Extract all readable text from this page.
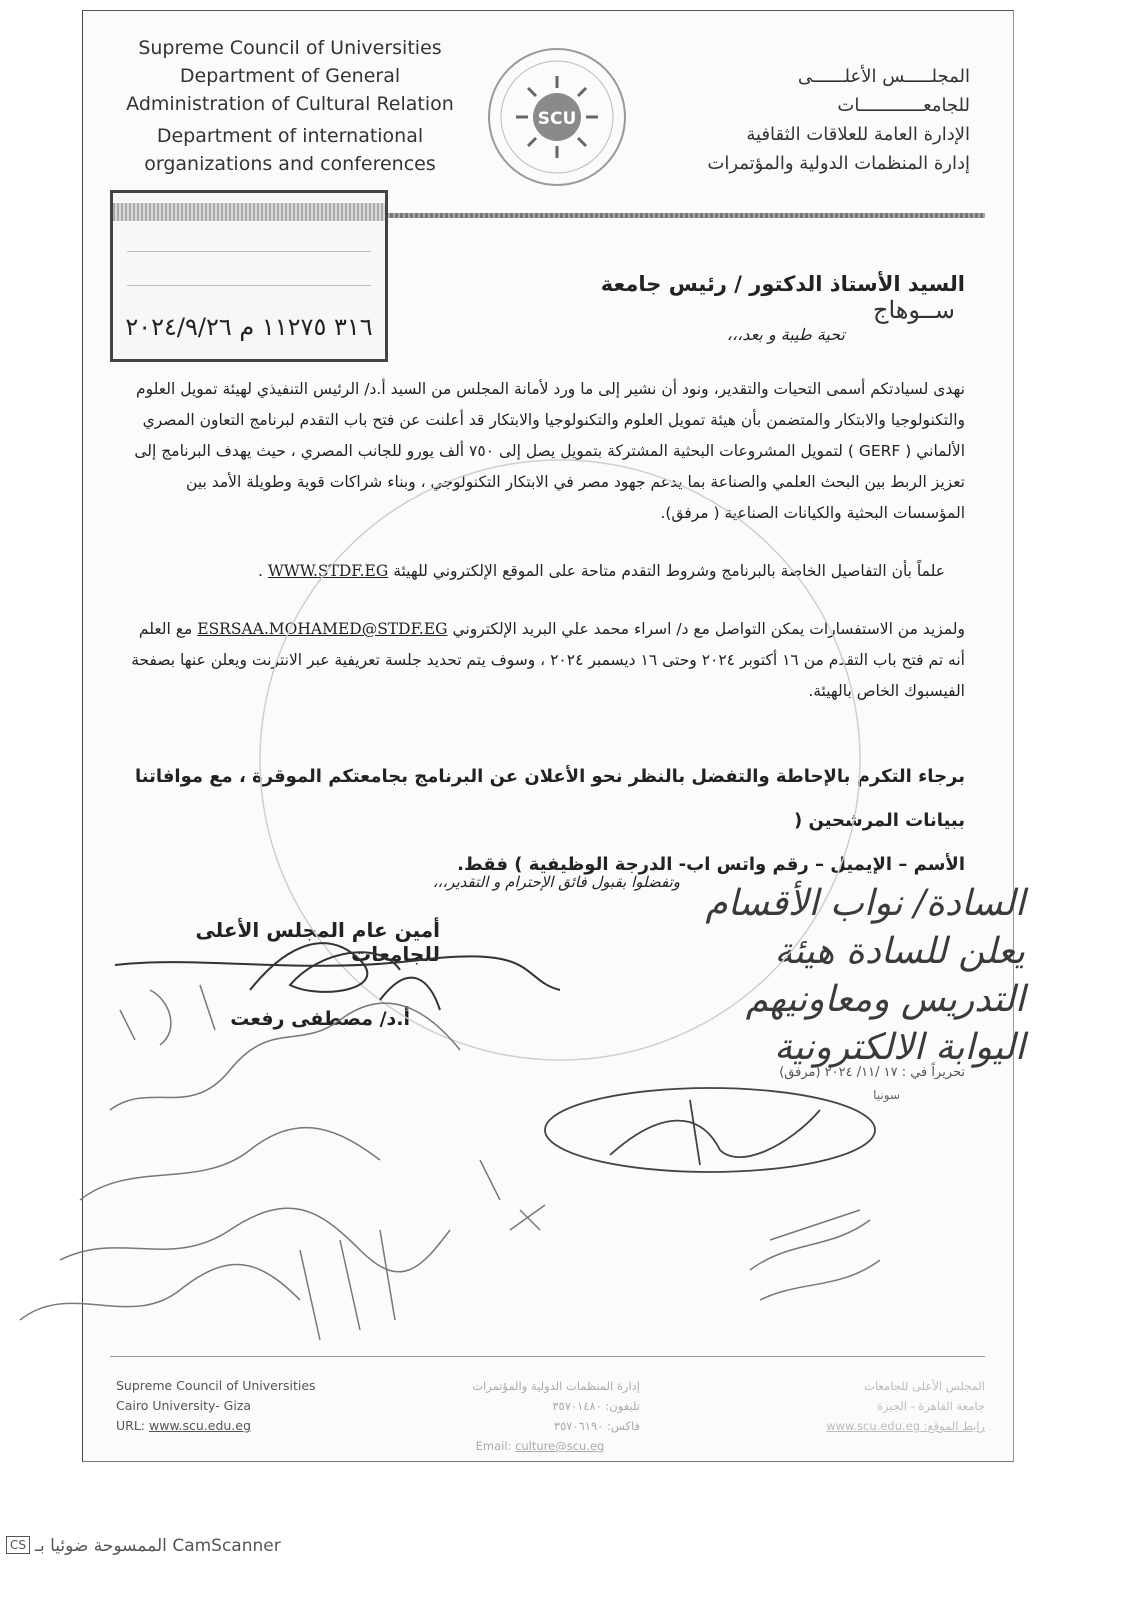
Supreme Council of Universities
Department of General
Administration of Cultural Relation
Department of international
organizations and conferences
SCU
المجلـــــس الأعلــــــى
للجامعــــــــــــات
الإدارة العامة للعلاقات الثقافية
إدارة المنظمات الدولية والمؤتمرات
٣١٦ ١١٢٧٥ م ٢٠٢٤/٩/٢٦
السيد الأستاذ الدكتور / رئيس جامعة ســوهاج
تحية طيبة و بعد،،،
نهدى لسيادتكم أسمى التحيات والتقدير، ونود أن نشير إلى ما ورد لأمانة المجلس من السيد أ.د/ الرئيس التنفيذي لهيئة تمويل العلوم والتكنولوجيا والابتكار والمتضمن بأن هيئة تمويل العلوم والتكنولوجيا والابتكار قد أعلنت عن فتح باب التقدم لبرنامج التعاون المصري الألماني ( GERF ) لتمويل المشروعات البحثية المشتركة بتمويل يصل إلى ٧٥٠ ألف يورو للجانب المصري ، حيث يهدف البرنامج إلى تعزيز الربط بين البحث العلمي والصناعة بما يدعم جهود مصر في الابتكار التكنولوجي ، وبناء شراكات قوية وطويلة الأمد بين المؤسسات البحثية والكيانات الصناعية ( مرفق).
علماً بأن التفاصيل الخاصة بالبرنامج وشروط التقدم متاحة على الموقع الإلكتروني للهيئة WWW.STDF.EG .
ولمزيد من الاستفسارات يمكن التواصل مع د/ اسراء محمد علي البريد الإلكتروني ESRSAA.MOHAMED@STDF.EG مع العلم أنه تم فتح باب التقدم من ١٦ أكتوبر ٢٠٢٤ وحتى ١٦ ديسمبر ٢٠٢٤ ، وسوف يتم تحديد جلسة تعريفية عبر الانترنت ويعلن عنها بصفحة الفيسبوك الخاص بالهيئة.
برجاء التكرم بالإحاطة والتفضل بالنظر نحو الأعلان عن البرنامج بجامعتكم الموقرة ، مع موافاتنا ببيانات المرشحين (
الأسم – الإيميل – رقم واتس اب- الدرجة الوظيفية ) فقط.
وتفضلوا بقبول فائق الإحترام و التقدير،،،
أمين عام المجلس الأعلى للجامعات
أ.د/ مصطفى رفعت
السادة/ نواب الأقسام
يعلن للسادة هيئة
التدريس ومعاونيهم
اليوابة الالكترونية
تحريراً في : ١٧ /١١/ ٢٠٢٤ (مرفق)
سونيا
Supreme Council of Universities
Cairo University- Giza
URL: www.scu.edu.eg
إدارة المنظمات الدولية والمؤتمرات
تليفون: ٣٥٧٠١٤٨٠
فاكس: ٣٥٧٠٦١٩٠
Email: culture@scu.eg
المجلس الأعلى للجامعات
جامعة القاهرة - الجيزة
رابط الموقع: www.scu.edu.eg
CS الممسوحة ضوئيا بـ CamScanner
